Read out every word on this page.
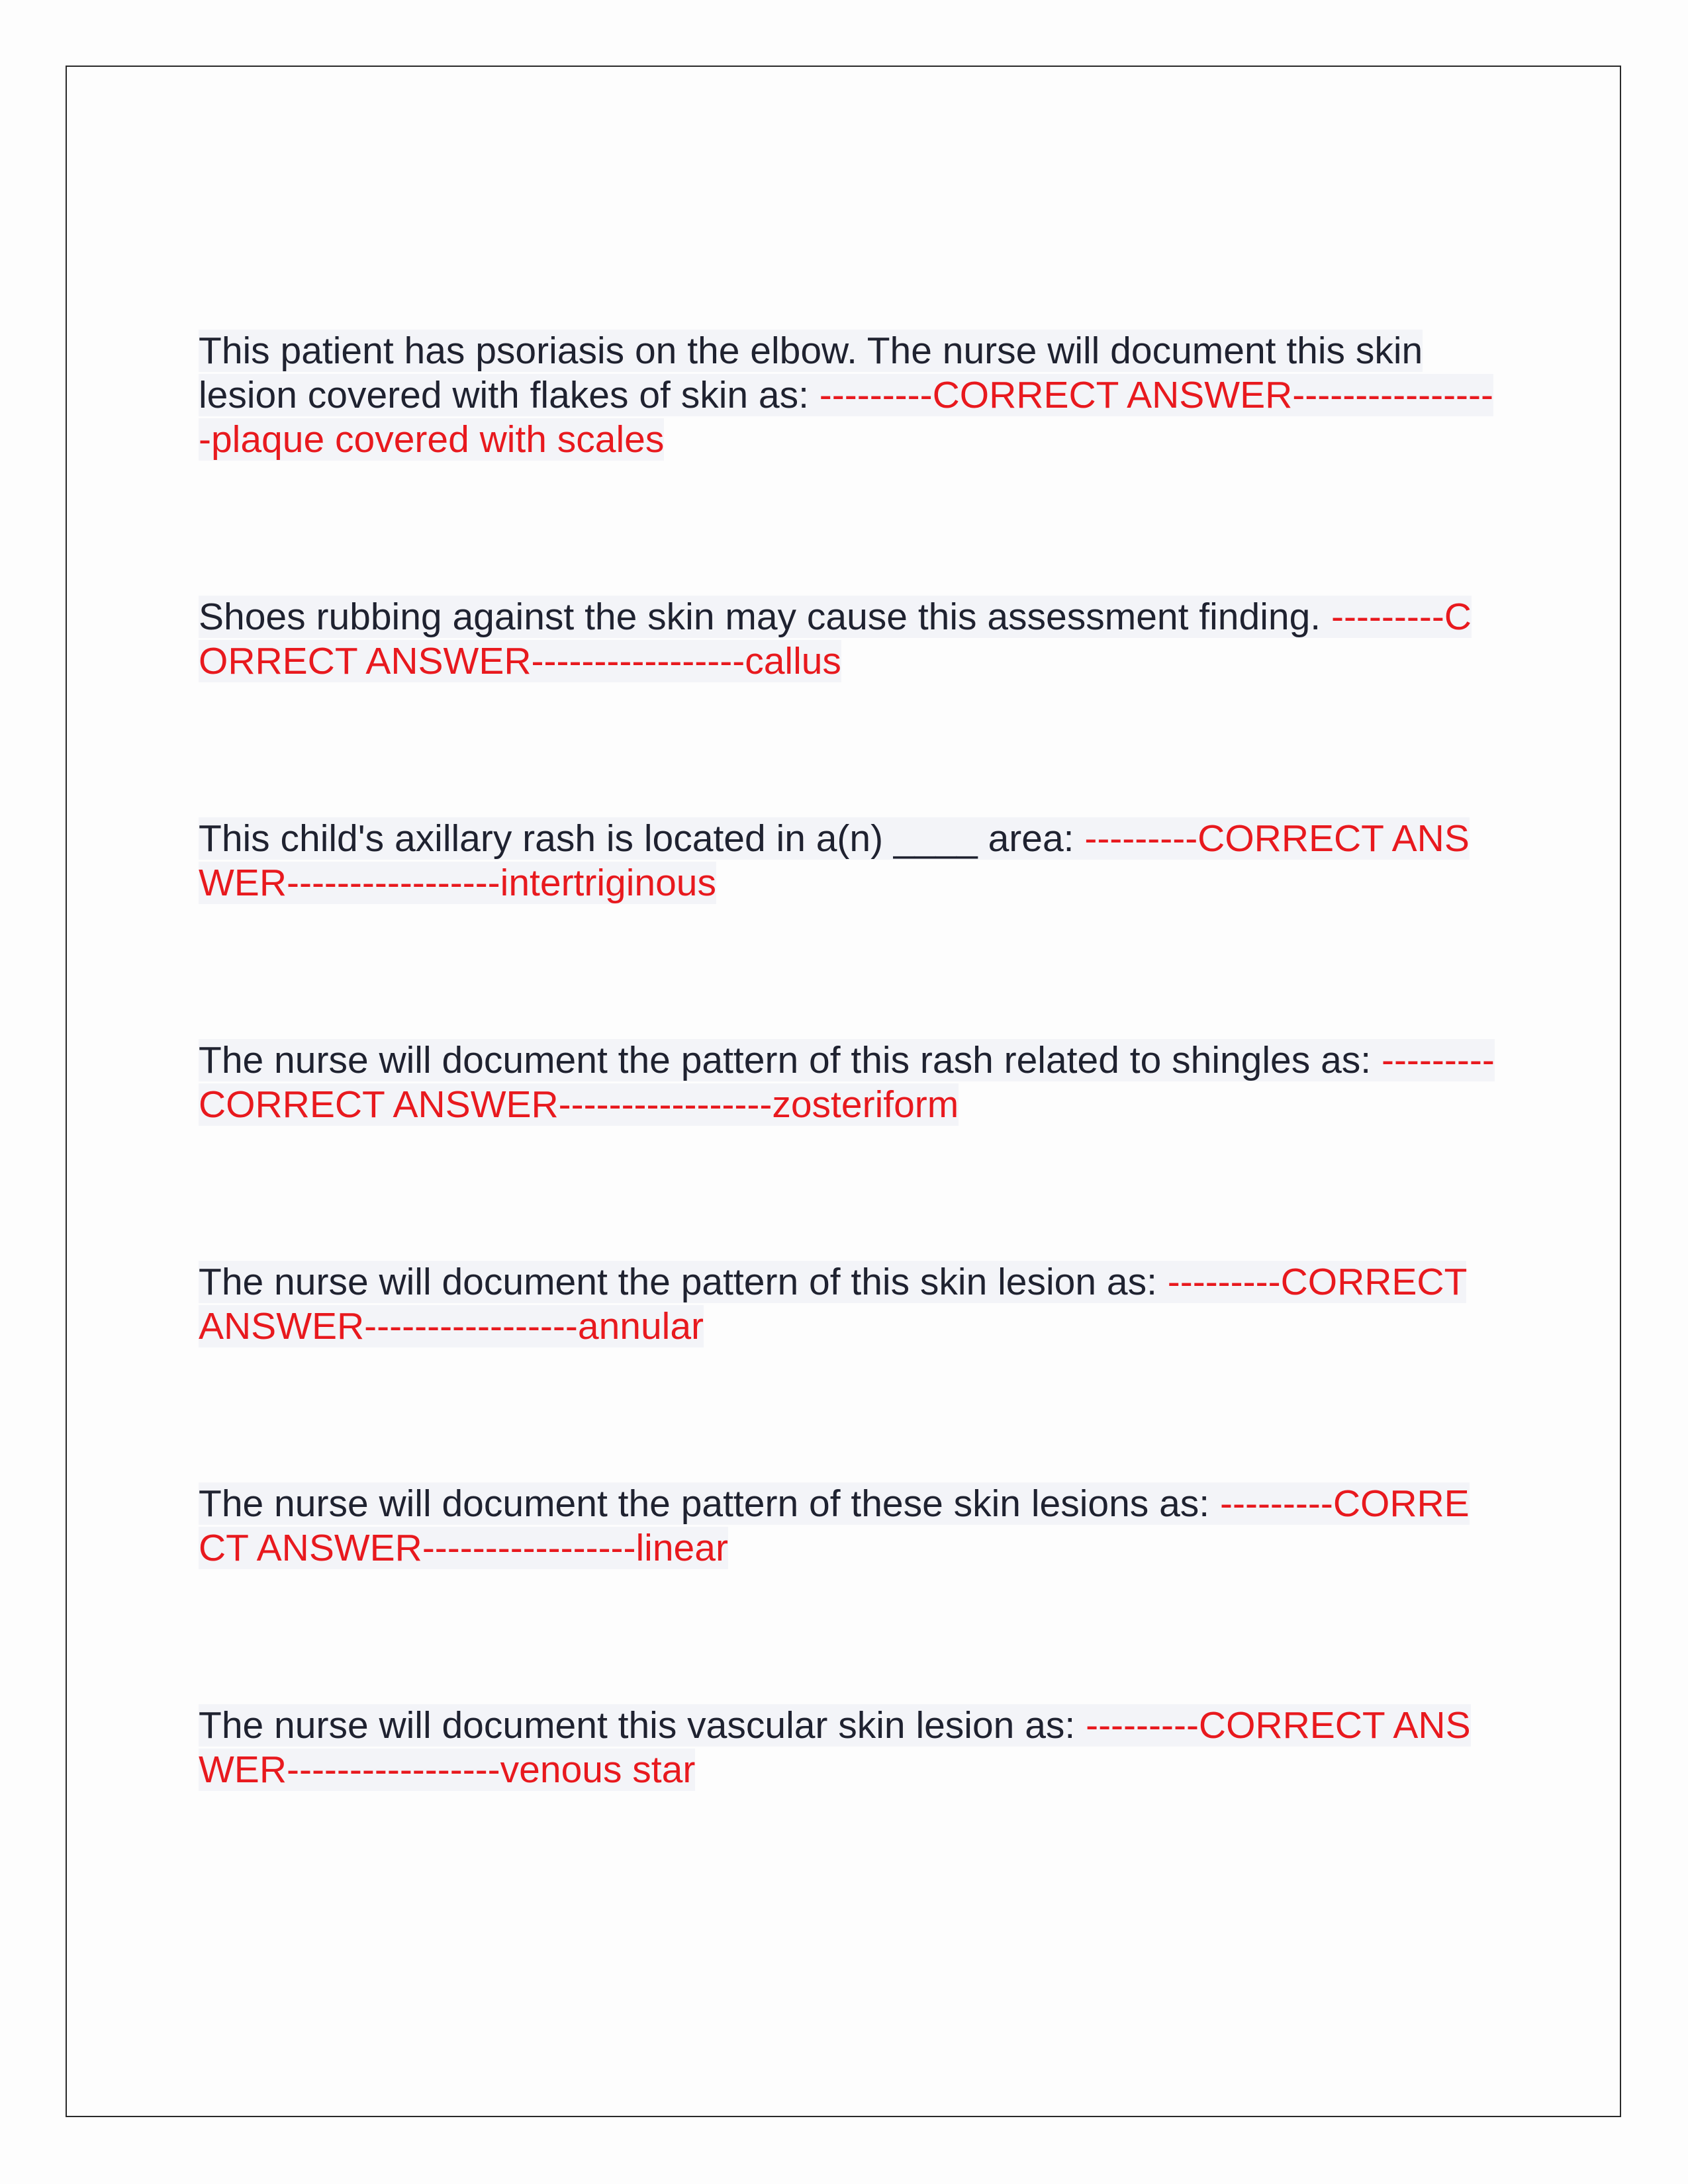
This patient has psoriasis on the elbow. The nurse will document this skin lesion covered with flakes of skin as: ---------CORRECT ANSWER-----------------plaque covered with scales
Shoes rubbing against the skin may cause this assessment finding. ---------CORRECT ANSWER-----------------callus
This child's axillary rash is located in a(n) ____ area: ---------CORRECT ANSWER-----------------intertriginous
The nurse will document the pattern of this rash related to shingles as: ---------CORRECT ANSWER-----------------zosteriform
The nurse will document the pattern of this skin lesion as: ---------CORRECT ANSWER-----------------annular
The nurse will document the pattern of these skin lesions as: ---------CORRECT ANSWER-----------------linear
The nurse will document this vascular skin lesion as: ---------CORRECT ANSWER-----------------venous star
